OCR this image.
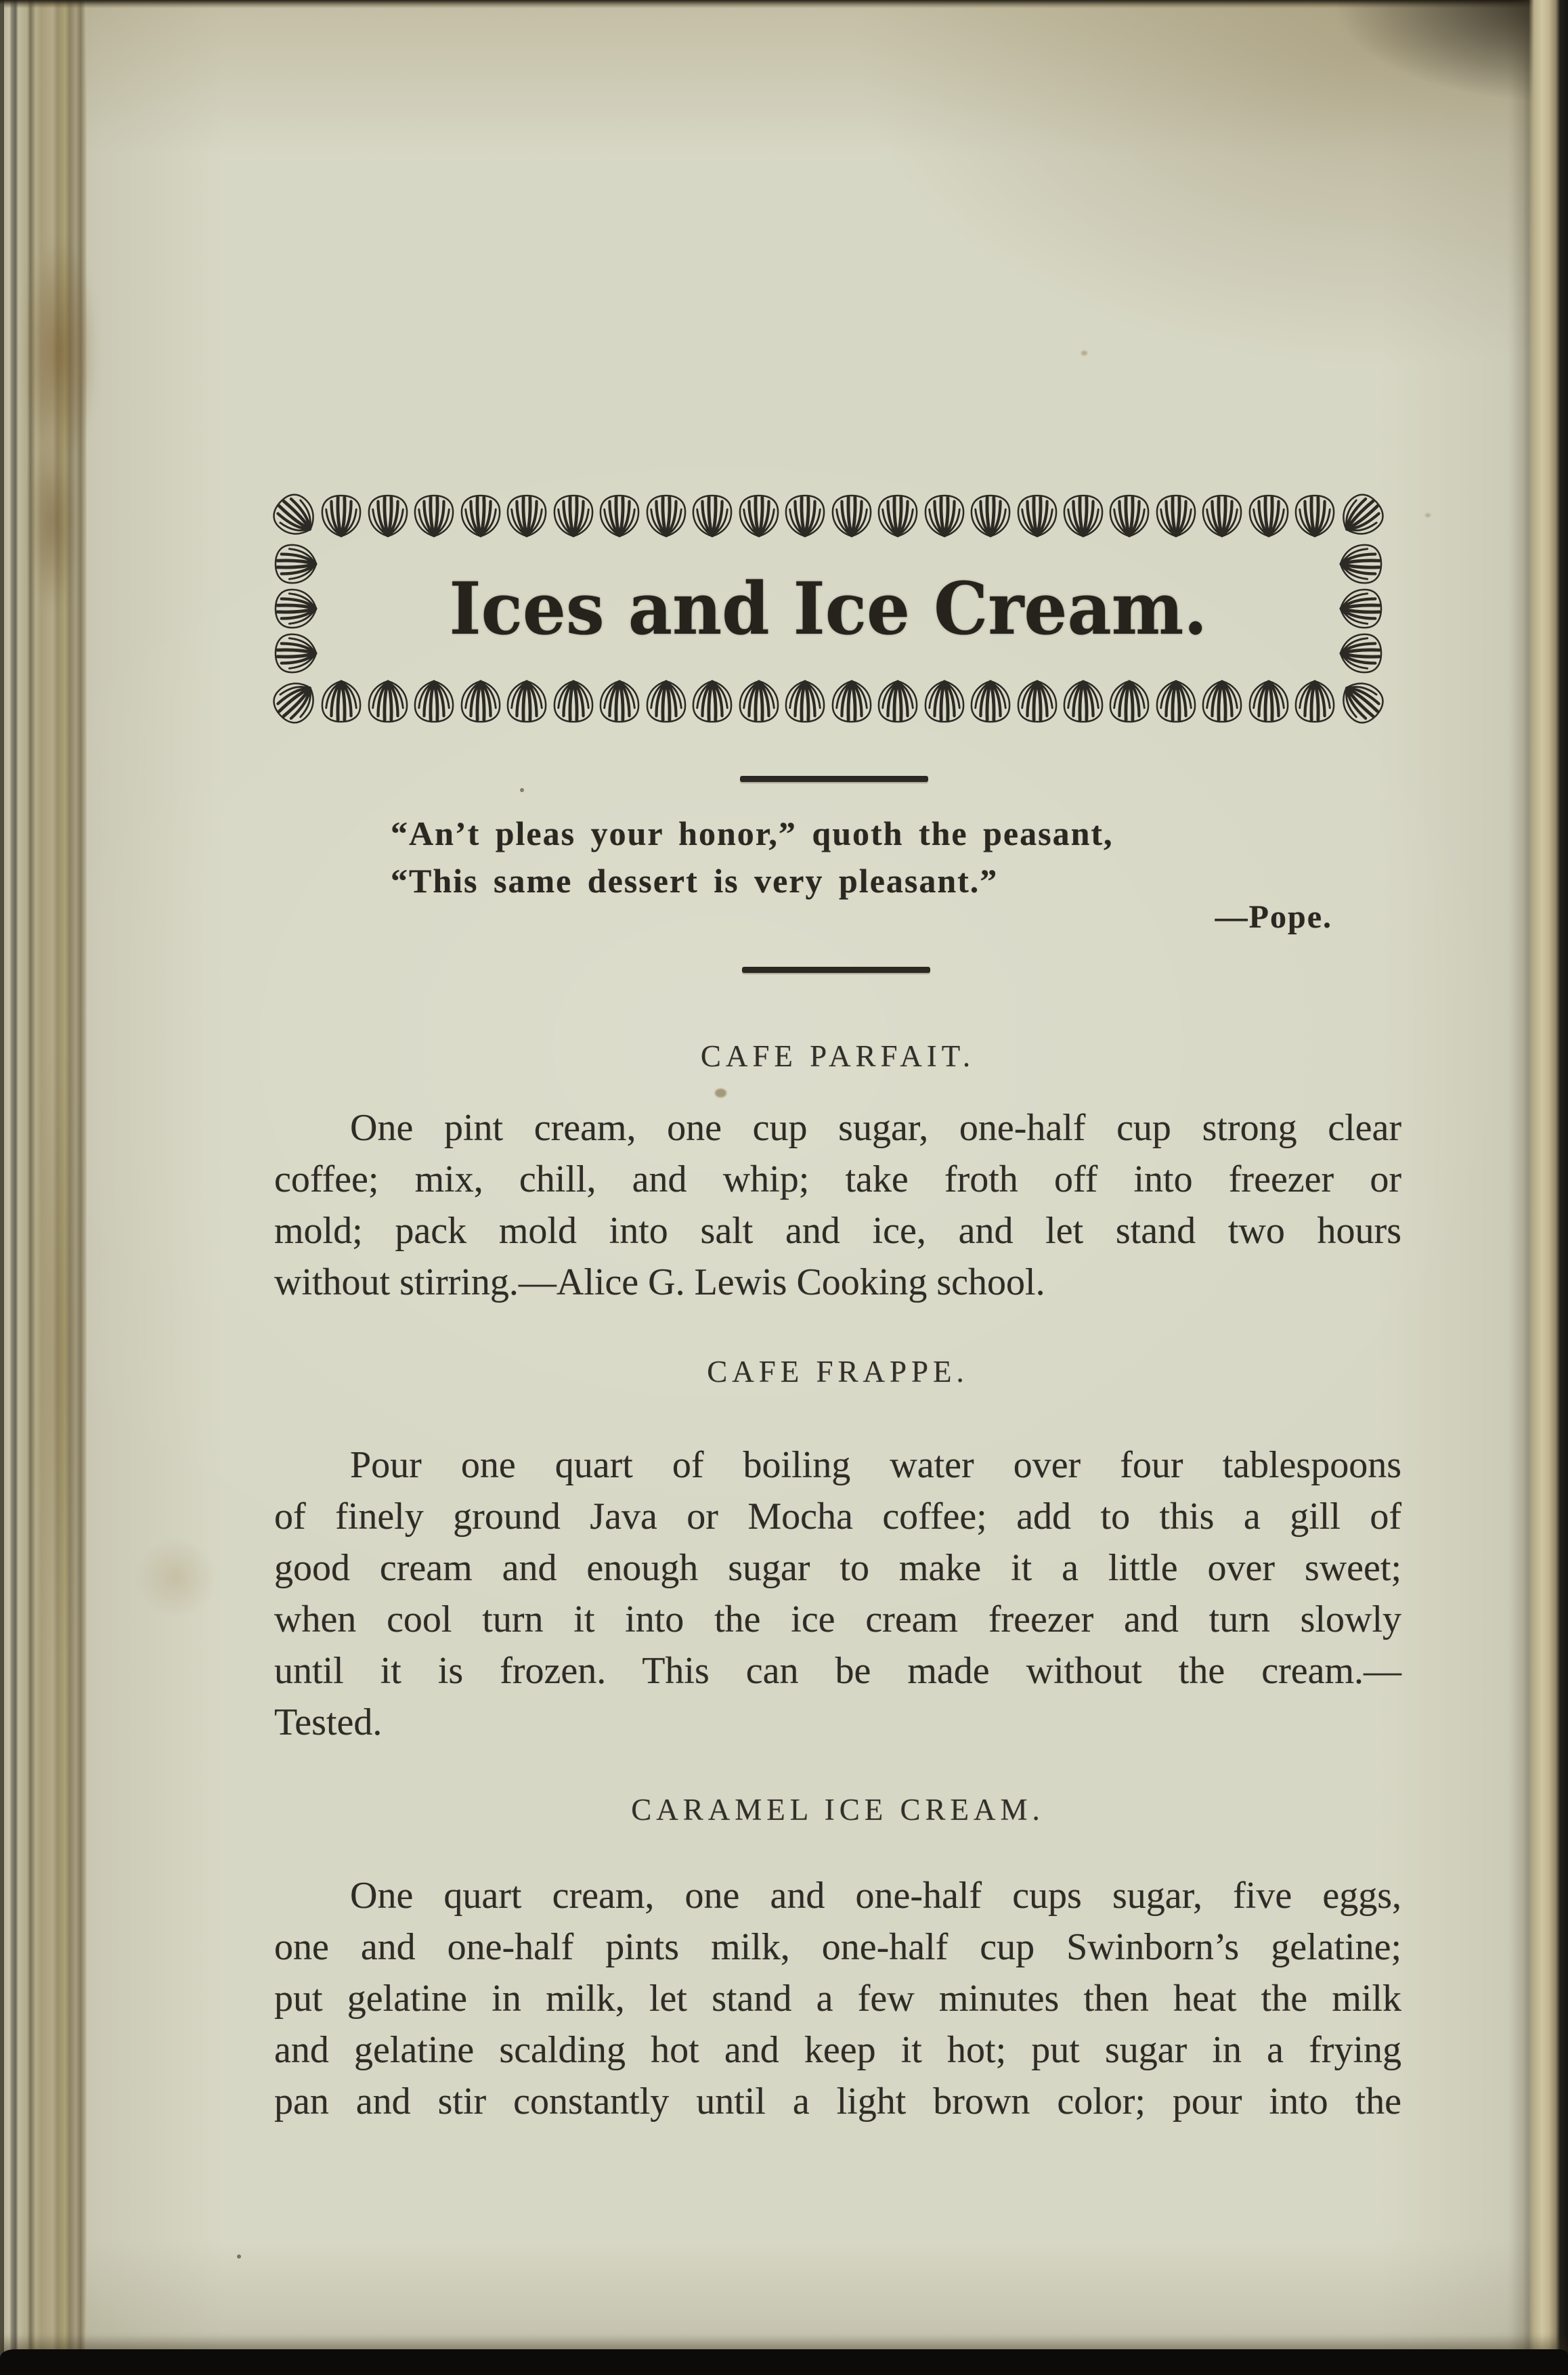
Ices and Ice Cream.
“An’t pleas your honor,” quoth the peasant,
“This same dessert is very pleasant.”
—Pope.
CAFE PARFAIT.
One pint cream, one cup sugar, one-half cup strong clear
coffee; mix, chill, and whip; take froth off into freezer or
mold; pack mold into salt and ice, and let stand two hours
without stirring.—Alice G. Lewis Cooking school.
CAFE FRAPPE.
Pour one quart of boiling water over four tablespoons
of finely ground Java or Mocha coffee; add to this a gill of
good cream and enough sugar to make it a little over sweet;
when cool turn it into the ice cream freezer and turn slowly
until it is frozen. This can be made without the cream.—
Tested.
CARAMEL ICE CREAM.
One quart cream, one and one-half cups sugar, five eggs,
one and one-half pints milk, one-half cup Swinborn’s gelatine;
put gelatine in milk, let stand a few minutes then heat the milk
and gelatine scalding hot and keep it hot; put sugar in a frying
pan and stir constantly until a light brown color; pour into the
